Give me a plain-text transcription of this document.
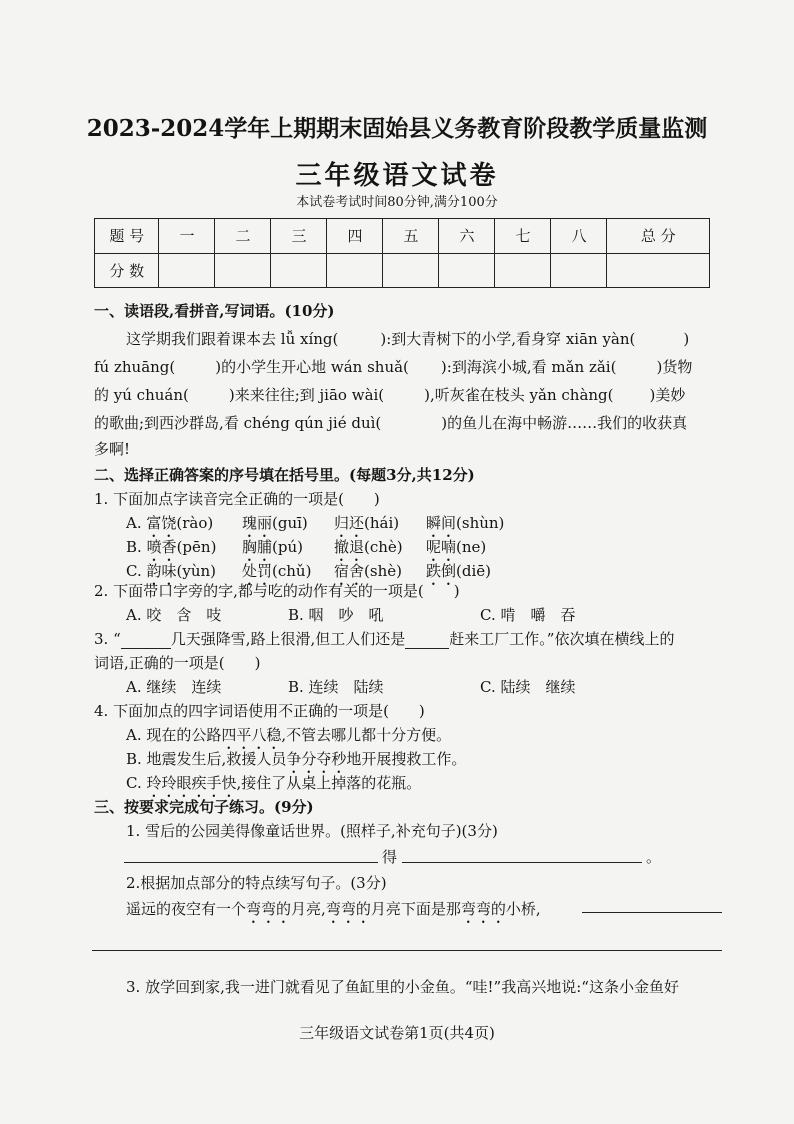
2023-2024学年上期期末固始县义务教育阶段教学质量监测
三年级语文试卷
本试卷考试时间80分钟,满分100分
题 号	一	二	三	四	五	六	七	八	总 分
分 数									
一、读语段,看拼音,写词语。(10分)
这学期我们跟着课本去 lǚ xíng(	):到大青树下的小学,看身穿 xiān yàn(	)
fú zhuāng(	)的小学生开心地 wán shuǎ( ):到海滨小城,看 mǎn zǎi(	)货物
的 yú chuán(	)来来往往;到 jiāo wài(	),听灰雀在枝头 yǎn chàng( )美妙
的歌曲;到西沙群岛,看 chéng qún jié duì(	)的鱼儿在海中畅游……我们的收获真
多啊!
二、选择正确答案的序号填在括号里。(每题3分,共12分)
1. 下面加点字读音完全正确的一项是(　　)
A. 富饶(rào) 瑰丽(guī) 归还(hái) 瞬间(shùn)
B. 喷香(pēn) 胸脯(pú) 撤退(chè) 呢喃(ne)
C. 韵味(yùn) 处罚(chǔ) 宿舍(shè) 跌倒(diē)
2. 下面带口字旁的字,都与吃的动作有关的一项是(　　)
A. 咬　含　吱	B. 咽　吵　吼	C. 啃　嚼　吞
3. “	几天强降雪,路上很滑,但工人们还是	赶来工厂工作。”依次填在横线上的
词语,正确的一项是(　　)
A. 继续　连续	B. 连续　陆续	C. 陆续　继续
4. 下面加点的四字词语使用不正确的一项是(　　)
A. 现在的公路四平八稳,不管去哪儿都十分方便。
B. 地震发生后,救援人员争分夺秒地开展搜救工作。
C. 玲玲眼疾手快,接住了从桌上掉落的花瓶。
三、按要求完成句子练习。(9分)
1. 雪后的公园美得像童话世界。(照样子,补充句子)(3分)
得	。
2.根据加点部分的特点续写句子。(3分)
遥远的夜空有一个弯弯的月亮,弯弯的月亮下面是那弯弯的小桥,
3. 放学回到家,我一进门就看见了鱼缸里的小金鱼。“哇!”我高兴地说:“这条小金鱼好
三年级语文试卷第1页(共4页)
